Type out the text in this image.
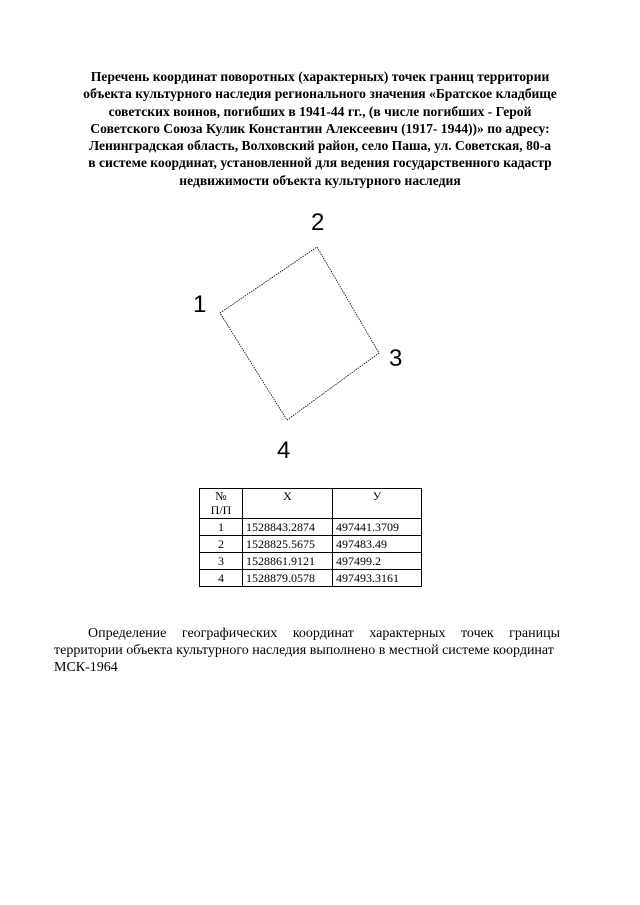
Перечень координат поворотных (характерных) точек границ территории
объекта культурного наследия регионального значения «Братское кладбище
советских воинов, погибших в 1941-44 гг., (в числе погибших - Герой
Советского Союза Кулик Константин Алексеевич (1917- 1944))» по адресу:
Ленинградская область, Волховский район, село Паша, ул. Советская, 80-а
в системе координат, установленной для ведения государственного кадастр
недвижимости объекта культурного наследия
1
2
3
4
№ П/П	X	У
1	1528843.2874	497441.3709
2	1528825.5675	497483.49
3	1528861.9121	497499.2
4	1528879.0578	497493.3161
Определение географических координат характерных точек границы
территории объекта культурного наследия выполнено в местной системе координат
МСК-1964
